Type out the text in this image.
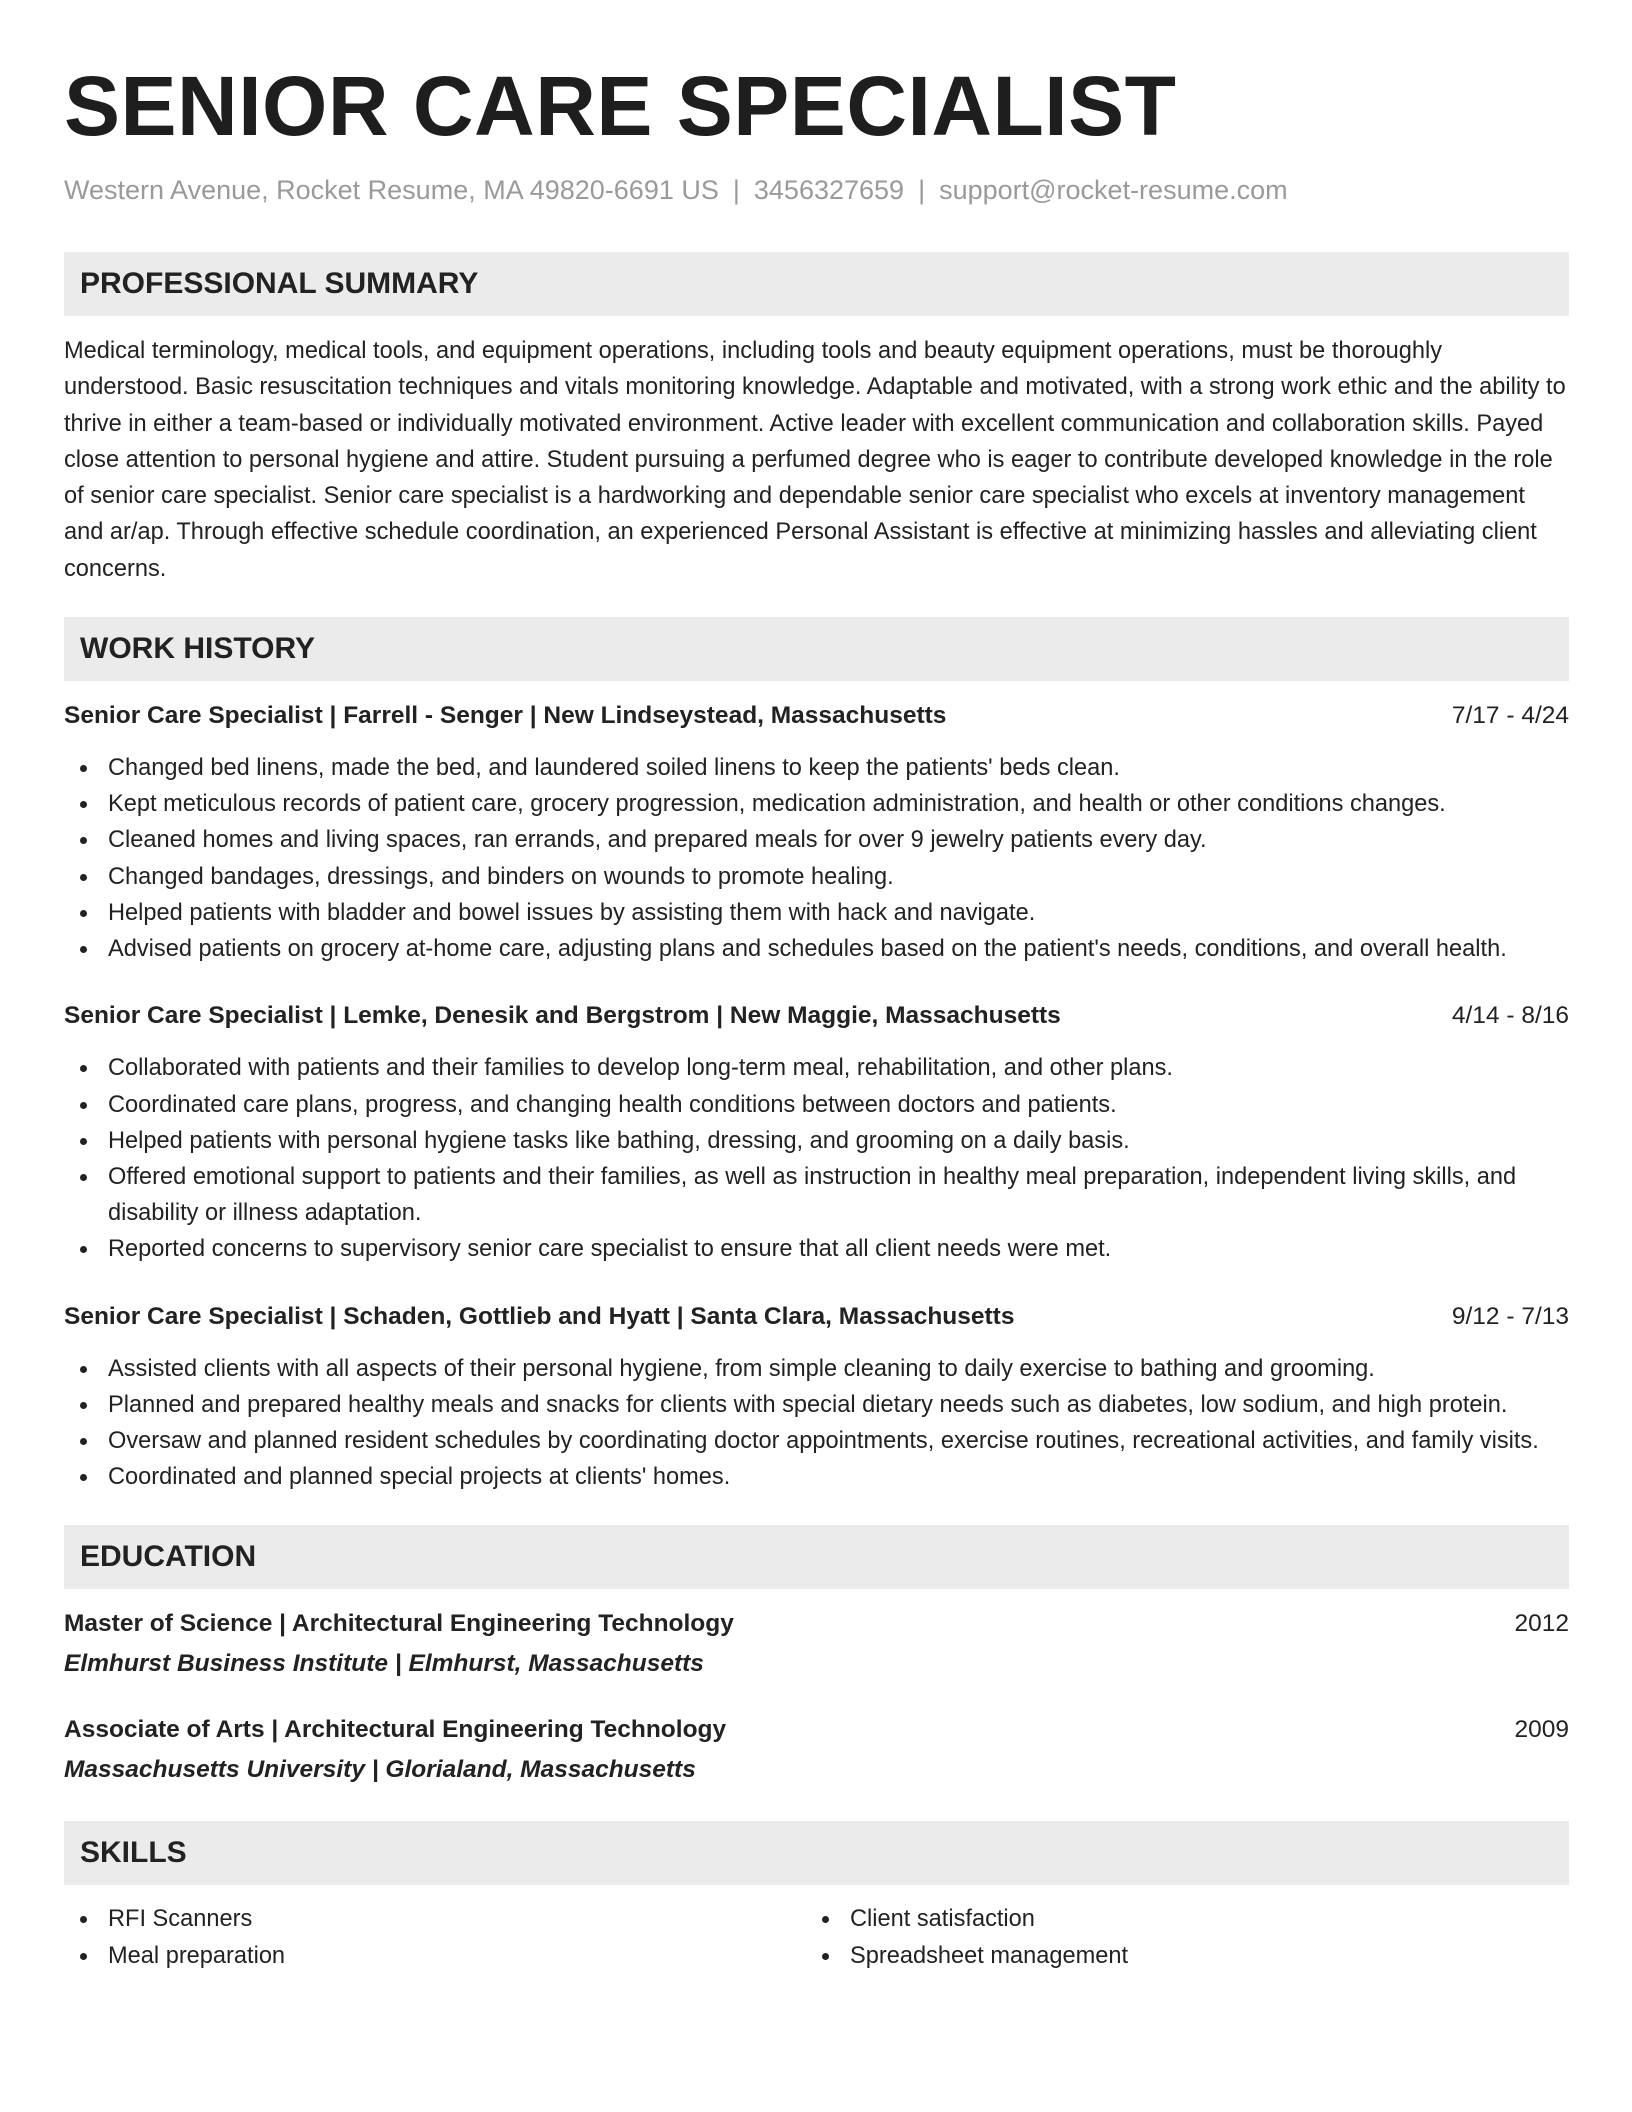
SENIOR CARE SPECIALIST
Western Avenue, Rocket Resume, MA 49820-6691 US | 3456327659 | support@rocket-resume.com
PROFESSIONAL SUMMARY

Medical terminology, medical tools, and equipment operations, including tools and beauty equipment operations, must be thoroughly understood. Basic resuscitation techniques and vitals monitoring knowledge. Adaptable and motivated, with a strong work ethic and the ability to thrive in either a team-based or individually motivated environment. Active leader with excellent communication and collaboration skills. Payed close attention to personal hygiene and attire. Student pursuing a perfumed degree who is eager to contribute developed knowledge in the role of senior care specialist. Senior care specialist is a hardworking and dependable senior care specialist who excels at inventory management and ar/ap. Through effective schedule coordination, an experienced Personal Assistant is effective at minimizing hassles and alleviating client concerns.

WORK HISTORY
Senior Care Specialist | Farrell - Senger | New Lindseystead, Massachusetts	7/17 - 4/24
Changed bed linens, made the bed, and laundered soiled linens to keep the patients' beds clean.
Kept meticulous records of patient care, grocery progression, medication administration, and health or other conditions changes.
Cleaned homes and living spaces, ran errands, and prepared meals for over 9 jewelry patients every day.
Changed bandages, dressings, and binders on wounds to promote healing.
Helped patients with bladder and bowel issues by assisting them with hack and navigate.
Advised patients on grocery at-home care, adjusting plans and schedules based on the patient's needs, conditions, and overall health.
Senior Care Specialist | Lemke, Denesik and Bergstrom | New Maggie, Massachusetts	4/14 - 8/16
Collaborated with patients and their families to develop long-term meal, rehabilitation, and other plans.
Coordinated care plans, progress, and changing health conditions between doctors and patients.
Helped patients with personal hygiene tasks like bathing, dressing, and grooming on a daily basis.
Offered emotional support to patients and their families, as well as instruction in healthy meal preparation, independent living skills, and disability or illness adaptation.
Reported concerns to supervisory senior care specialist to ensure that all client needs were met.
Senior Care Specialist | Schaden, Gottlieb and Hyatt | Santa Clara, Massachusetts	9/12 - 7/13
Assisted clients with all aspects of their personal hygiene, from simple cleaning to daily exercise to bathing and grooming.
Planned and prepared healthy meals and snacks for clients with special dietary needs such as diabetes, low sodium, and high protein.
Oversaw and planned resident schedules by coordinating doctor appointments, exercise routines, recreational activities, and family visits.
Coordinated and planned special projects at clients' homes.
EDUCATION
Master of Science | Architectural Engineering Technology	2012
Elmhurst Business Institute | Elmhurst, Massachusetts
Associate of Arts | Architectural Engineering Technology	2009
Massachusetts University | Glorialand, Massachusetts
SKILLS
RFI Scanners
Meal preparation
Client satisfaction
Spreadsheet management
